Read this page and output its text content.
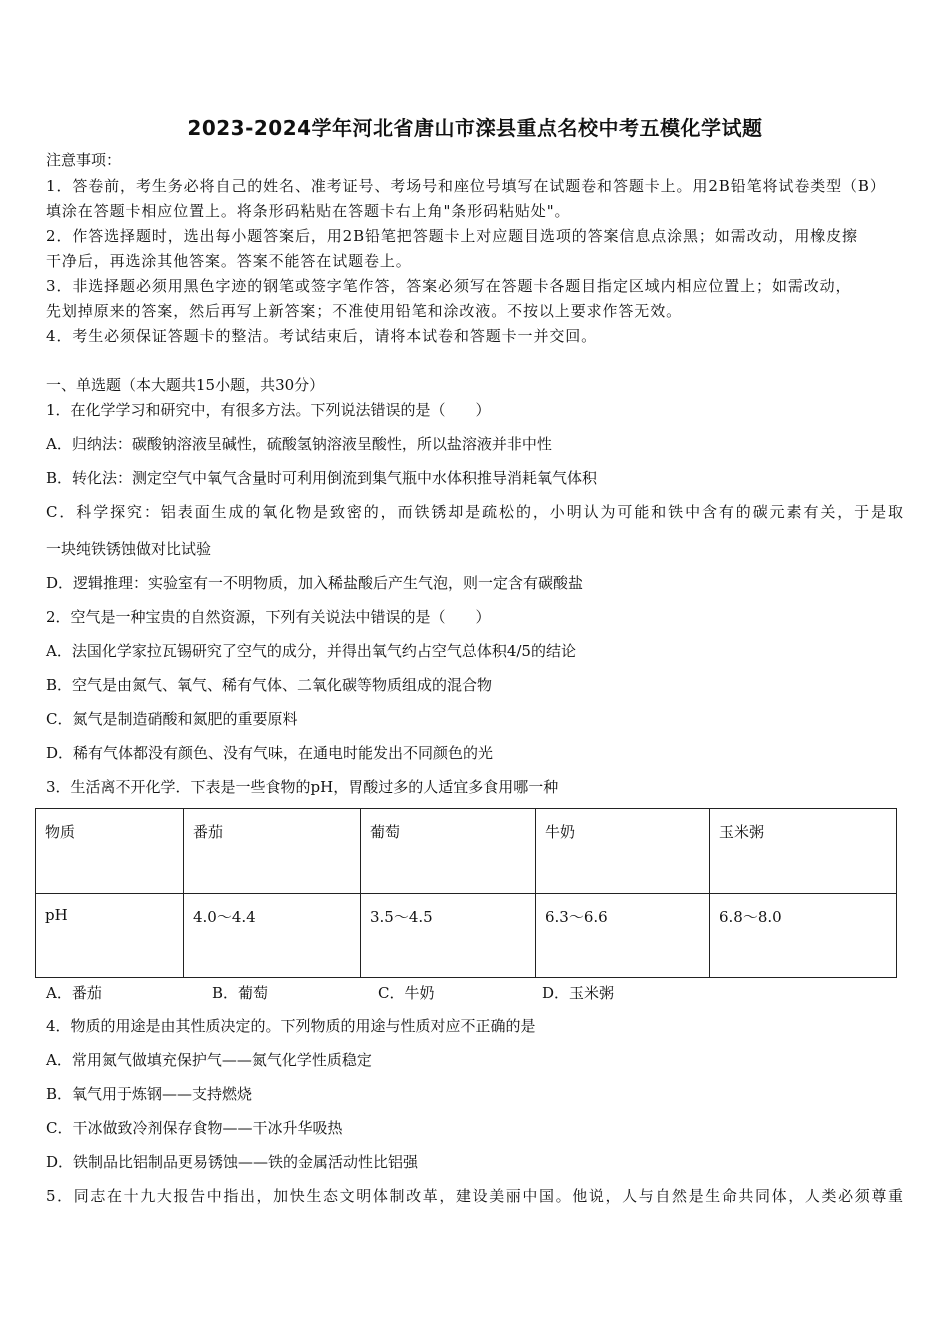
2023-2024学年河北省唐山市滦县重点名校中考五模化学试题
注意事项：
1．答卷前，考生务必将自己的姓名、准考证号、考场号和座位号填写在试题卷和答题卡上。用2B铅笔将试卷类型（B）
填涂在答题卡相应位置上。将条形码粘贴在答题卡右上角"条形码粘贴处"。
2．作答选择题时，选出每小题答案后，用2B铅笔把答题卡上对应题目选项的答案信息点涂黑；如需改动，用橡皮擦
干净后，再选涂其他答案。答案不能答在试题卷上。
3．非选择题必须用黑色字迹的钢笔或签字笔作答，答案必须写在答题卡各题目指定区域内相应位置上；如需改动，
先划掉原来的答案，然后再写上新答案；不准使用铅笔和涂改液。不按以上要求作答无效。
4．考生必须保证答题卡的整洁。考试结束后，请将本试卷和答题卡一并交回。
一、单选题（本大题共15小题，共30分）
1．在化学学习和研究中，有很多方法。下列说法错误的是（　　）
A．归纳法：碳酸钠溶液呈碱性，硫酸氢钠溶液呈酸性，所以盐溶液并非中性
B．转化法：测定空气中氧气含量时可利用倒流到集气瓶中水体积推导消耗氧气体积
C．科学探究：铝表面生成的氧化物是致密的，而铁锈却是疏松的，小明认为可能和铁中含有的碳元素有关，于是取
一块纯铁锈蚀做对比试验
D．逻辑推理：实验室有一不明物质，加入稀盐酸后产生气泡，则一定含有碳酸盐
2．空气是一种宝贵的自然资源，下列有关说法中错误的是（　　）
A．法国化学家拉瓦锡研究了空气的成分，并得出氧气约占空气总体积4/5的结论
B．空气是由氮气、氧气、稀有气体、二氧化碳等物质组成的混合物
C．氮气是制造硝酸和氮肥的重要原料
D．稀有气体都没有颜色、没有气味，在通电时能发出不同颜色的光
3．生活离不开化学．下表是一些食物的pH，胃酸过多的人适宜多食用哪一种
物质	番茄	葡萄	牛奶	玉米粥
pH	4.0～4.4	3.5～4.5	6.3～6.6	6.8～8.0
A．番茄	B．葡萄	C．牛奶	D．玉米粥
4．物质的用途是由其性质决定的。下列物质的用途与性质对应不正确的是
A．常用氮气做填充保护气——氮气化学性质稳定
B．氧气用于炼钢——支持燃烧
C．干冰做致冷剂保存食物——干冰升华吸热
D．铁制品比铝制品更易锈蚀——铁的金属活动性比铝强
5．同志在十九大报告中指出，加快生态文明体制改革，建设美丽中国。他说，人与自然是生命共同体，人类必须尊重
